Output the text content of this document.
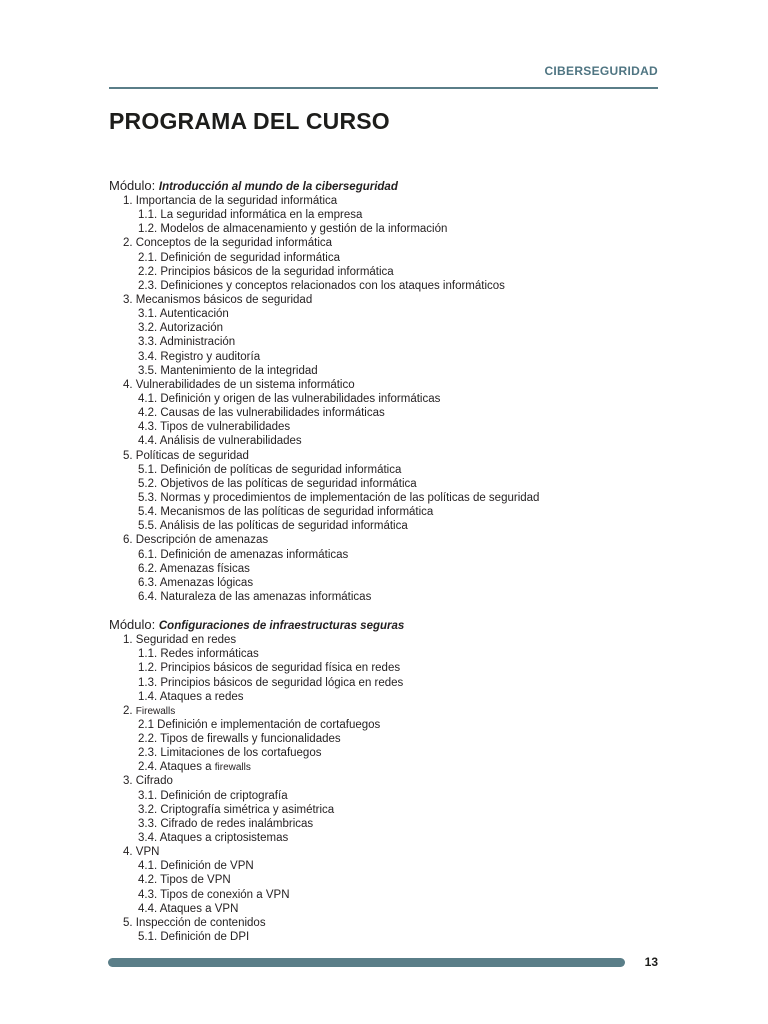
CIBERSEGURIDAD
PROGRAMA DEL CURSO
Módulo: Introducción al mundo de la ciberseguridad
1. Importancia de la seguridad informática
1.1. La seguridad informática en la empresa
1.2. Modelos de almacenamiento y gestión de la información
2. Conceptos de la seguridad informática
2.1. Definición de seguridad informática
2.2. Principios básicos de la seguridad informática
2.3. Definiciones y conceptos relacionados con los ataques informáticos
3. Mecanismos básicos de seguridad
3.1. Autenticación
3.2. Autorización
3.3. Administración
3.4. Registro y auditoría
3.5. Mantenimiento de la integridad
4. Vulnerabilidades de un sistema informático
4.1. Definición y origen de las vulnerabilidades informáticas
4.2. Causas de las vulnerabilidades informáticas
4.3. Tipos de vulnerabilidades
4.4. Análisis de vulnerabilidades
5. Políticas de seguridad
5.1. Definición de políticas de seguridad informática
5.2. Objetivos de las políticas de seguridad informática
5.3. Normas y procedimientos de implementación de las políticas de seguridad
5.4. Mecanismos de las políticas de seguridad informática
5.5. Análisis de las políticas de seguridad informática
6. Descripción de amenazas
6.1. Definición de amenazas informáticas
6.2. Amenazas físicas
6.3. Amenazas lógicas
6.4. Naturaleza de las amenazas informáticas
Módulo: Configuraciones de infraestructuras seguras
1. Seguridad en redes
1.1. Redes informáticas
1.2. Principios básicos de seguridad física en redes
1.3. Principios básicos de seguridad lógica en redes
1.4. Ataques a redes
2. Firewalls
2.1 Definición e implementación de cortafuegos
2.2. Tipos de firewalls y funcionalidades
2.3. Limitaciones de los cortafuegos
2.4. Ataques a firewalls
3. Cifrado
3.1. Definición de criptografía
3.2. Criptografía simétrica y asimétrica
3.3. Cifrado de redes inalámbricas
3.4. Ataques a criptosistemas
4. VPN
4.1. Definición de VPN
4.2. Tipos de VPN
4.3. Tipos de conexión a VPN
4.4. Ataques a VPN
5. Inspección de contenidos
5.1. Definición de DPI
13
